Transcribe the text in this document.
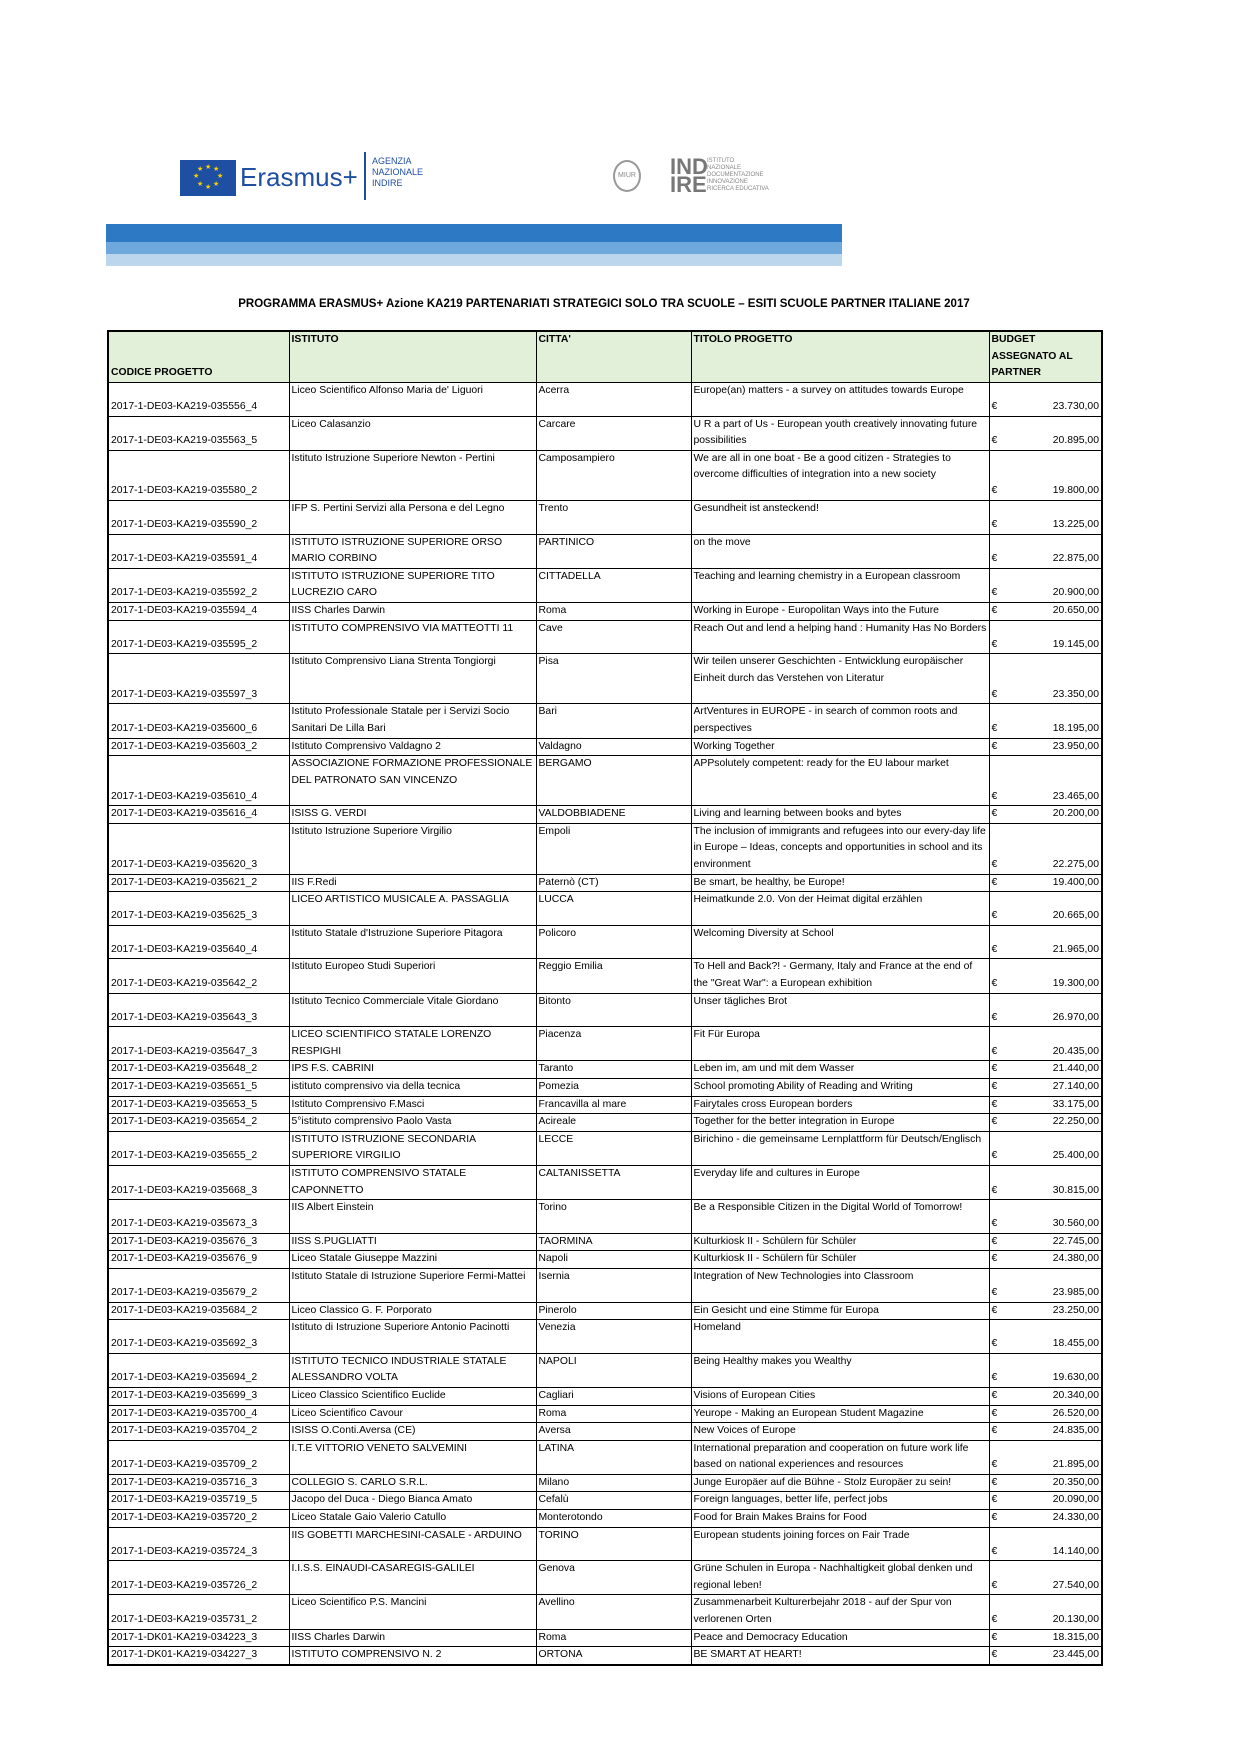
★ ★
★
★
★
★
★
★ Erasmus+
AGENZIA
NAZIONALE
INDIRE
MIUR IND
IRE
ISTITUTO
NAZIONALE
DOCUMENTAZIONE
INNOVAZIONE
RICERCA EDUCATIVA
PROGRAMMA ERASMUS+ Azione KA219 PARTENARIATI STRATEGICI SOLO TRA SCUOLE – ESITI SCUOLE PARTNER ITALIANE 2017
CODICE PROGETTO	ISTITUTO	CITTA'	TITOLO PROGETTO	BUDGET ASSEGNATO AL PARTNER
2017-1-DE03-KA219-035556_4	Liceo Scientifico Alfonso Maria de' Liguori	Acerra	Europe(an) matters - a survey on attitudes towards Europe	€ 23.730,00

2017-1-DE03-KA219-035563_5	Liceo Calasanzio	Carcare	U R a part of Us - European youth creatively innovating future possibilities	€ 20.895,00

2017-1-DE03-KA219-035580_2	Istituto Istruzione Superiore Newton - Pertini	Camposampiero	We are all in one boat - Be a good citizen - Strategies to overcome difficulties of integration into a new society	€ 19.800,00

2017-1-DE03-KA219-035590_2	IFP S. Pertini Servizi alla Persona e del Legno	Trento	Gesundheit ist ansteckend!	€ 13.225,00

2017-1-DE03-KA219-035591_4	ISTITUTO ISTRUZIONE SUPERIORE ORSO MARIO CORBINO	PARTINICO	on the move	€ 22.875,00

2017-1-DE03-KA219-035592_2	ISTITUTO ISTRUZIONE SUPERIORE TITO LUCREZIO CARO	CITTADELLA	Teaching and learning chemistry in a European classroom	€ 20.900,00

2017-1-DE03-KA219-035594_4	IISS Charles Darwin	Roma	Working in Europe - Europolitan Ways into the Future	€ 20.650,00

2017-1-DE03-KA219-035595_2	ISTITUTO COMPRENSIVO VIA MATTEOTTI 11	Cave	Reach Out and lend a helping hand : Humanity Has No Borders	€ 19.145,00

2017-1-DE03-KA219-035597_3	Istituto Comprensivo Liana Strenta Tongiorgi	Pisa	Wir teilen unserer Geschichten - Entwicklung europäischer Einheit durch das Verstehen von Literatur	€ 23.350,00

2017-1-DE03-KA219-035600_6	Istituto Professionale Statale per i Servizi Socio Sanitari De Lilla Bari	Bari	ArtVentures in EUROPE - in search of common roots and perspectives	€ 18.195,00

2017-1-DE03-KA219-035603_2	Istituto Comprensivo Valdagno 2	Valdagno	Working Together	€ 23.950,00

2017-1-DE03-KA219-035610_4	ASSOCIAZIONE FORMAZIONE PROFESSIONALE DEL PATRONATO SAN VINCENZO	BERGAMO	APPsolutely competent: ready for the EU labour market	€ 23.465,00

2017-1-DE03-KA219-035616_4	ISISS G. VERDI	VALDOBBIADENE	Living and learning between books and bytes	€ 20.200,00

2017-1-DE03-KA219-035620_3	Istituto Istruzione Superiore Virgilio	Empoli	The inclusion of immigrants and refugees into our every-day life in Europe – Ideas, concepts and opportunities in school and its environment	€ 22.275,00

2017-1-DE03-KA219-035621_2	IIS F.Redi	Paternò (CT)	Be smart, be healthy, be Europe!	€ 19.400,00

2017-1-DE03-KA219-035625_3	LICEO ARTISTICO MUSICALE A. PASSAGLIA	LUCCA	Heimatkunde 2.0. Von der Heimat digital erzählen	€ 20.665,00

2017-1-DE03-KA219-035640_4	Istituto Statale d'Istruzione Superiore Pitagora	Policoro	Welcoming Diversity at School	€ 21.965,00

2017-1-DE03-KA219-035642_2	Istituto Europeo Studi Superiori	Reggio Emilia	To Hell and Back?! - Germany, Italy and France at the end of the "Great War": a European exhibition	€ 19.300,00

2017-1-DE03-KA219-035643_3	Istituto Tecnico Commerciale Vitale Giordano	Bitonto	Unser tägliches Brot	€ 26.970,00

2017-1-DE03-KA219-035647_3	LICEO SCIENTIFICO STATALE LORENZO RESPIGHI	Piacenza	Fit Für Europa	€ 20.435,00

2017-1-DE03-KA219-035648_2	IPS F.S. CABRINI	Taranto	Leben im, am und mit dem Wasser	€ 21.440,00

2017-1-DE03-KA219-035651_5	istituto comprensivo via della tecnica	Pomezia	School promoting Ability of Reading and Writing	€ 27.140,00

2017-1-DE03-KA219-035653_5	Istituto Comprensivo F.Masci	Francavilla al mare	Fairytales cross European borders	€ 33.175,00

2017-1-DE03-KA219-035654_2	5°istituto comprensivo Paolo Vasta	Acireale	Together for the better integration in Europe	€ 22.250,00

2017-1-DE03-KA219-035655_2	ISTITUTO ISTRUZIONE SECONDARIA SUPERIORE VIRGILIO	LECCE	Birichino - die gemeinsame Lernplattform für Deutsch/Englisch	€ 25.400,00

2017-1-DE03-KA219-035668_3	ISTITUTO COMPRENSIVO STATALE CAPONNETTO	CALTANISSETTA	Everyday life and cultures in Europe	€ 30.815,00

2017-1-DE03-KA219-035673_3	IIS Albert Einstein	Torino	Be a Responsible Citizen in the Digital World of Tomorrow!	€ 30.560,00

2017-1-DE03-KA219-035676_3	IISS S.PUGLIATTI	TAORMINA	Kulturkiosk II - Schülern für Schüler	€ 22.745,00

2017-1-DE03-KA219-035676_9	Liceo Statale Giuseppe Mazzini	Napoli	Kulturkiosk II - Schülern für Schüler	€ 24.380,00

2017-1-DE03-KA219-035679_2	Istituto Statale di Istruzione Superiore Fermi-Mattei	Isernia	Integration of New Technologies into Classroom	€ 23.985,00

2017-1-DE03-KA219-035684_2	Liceo Classico G. F. Porporato	Pinerolo	Ein Gesicht und eine Stimme für Europa	€ 23.250,00

2017-1-DE03-KA219-035692_3	Istituto di Istruzione Superiore Antonio Pacinotti	Venezia	Homeland	€ 18.455,00

2017-1-DE03-KA219-035694_2	ISTITUTO TECNICO INDUSTRIALE STATALE ALESSANDRO VOLTA	NAPOLI	Being Healthy makes you Wealthy	€ 19.630,00

2017-1-DE03-KA219-035699_3	Liceo Classico Scientifico Euclide	Cagliari	Visions of European Cities	€ 20.340,00

2017-1-DE03-KA219-035700_4	Liceo Scientifico Cavour	Roma	Yeurope - Making an European Student Magazine	€ 26.520,00

2017-1-DE03-KA219-035704_2	ISISS O.Conti.Aversa (CE)	Aversa	New Voices of Europe	€ 24.835,00

2017-1-DE03-KA219-035709_2	I.T.E VITTORIO VENETO SALVEMINI	LATINA	International preparation and cooperation on future work life based on national experiences and resources	€ 21.895,00

2017-1-DE03-KA219-035716_3	COLLEGIO S. CARLO S.R.L.	Milano	Junge Europäer auf die Bühne - Stolz Europäer zu sein!	€ 20.350,00

2017-1-DE03-KA219-035719_5	Jacopo del Duca - Diego Bianca Amato	Cefalù	Foreign languages, better life, perfect jobs	€ 20.090,00

2017-1-DE03-KA219-035720_2	Liceo Statale Gaio Valerio Catullo	Monterotondo	Food for Brain Makes Brains for Food	€ 24.330,00

2017-1-DE03-KA219-035724_3	IIS GOBETTI MARCHESINI-CASALE - ARDUINO	TORINO	European students joining forces on Fair Trade	€ 14.140,00

2017-1-DE03-KA219-035726_2	I.I.S.S. EINAUDI-CASAREGIS-GALILEI	Genova	Grüne Schulen in Europa - Nachhaltigkeit global denken und regional leben!	€ 27.540,00

2017-1-DE03-KA219-035731_2	Liceo Scientifico P.S. Mancini	Avellino	Zusammenarbeit Kulturerbejahr 2018 - auf der Spur von verlorenen Orten	€ 20.130,00

2017-1-DK01-KA219-034223_3	IISS Charles Darwin	Roma	Peace and Democracy Education	€ 18.315,00

2017-1-DK01-KA219-034227_3	ISTITUTO COMPRENSIVO N. 2	ORTONA	BE SMART AT HEART!	€ 23.445,00
